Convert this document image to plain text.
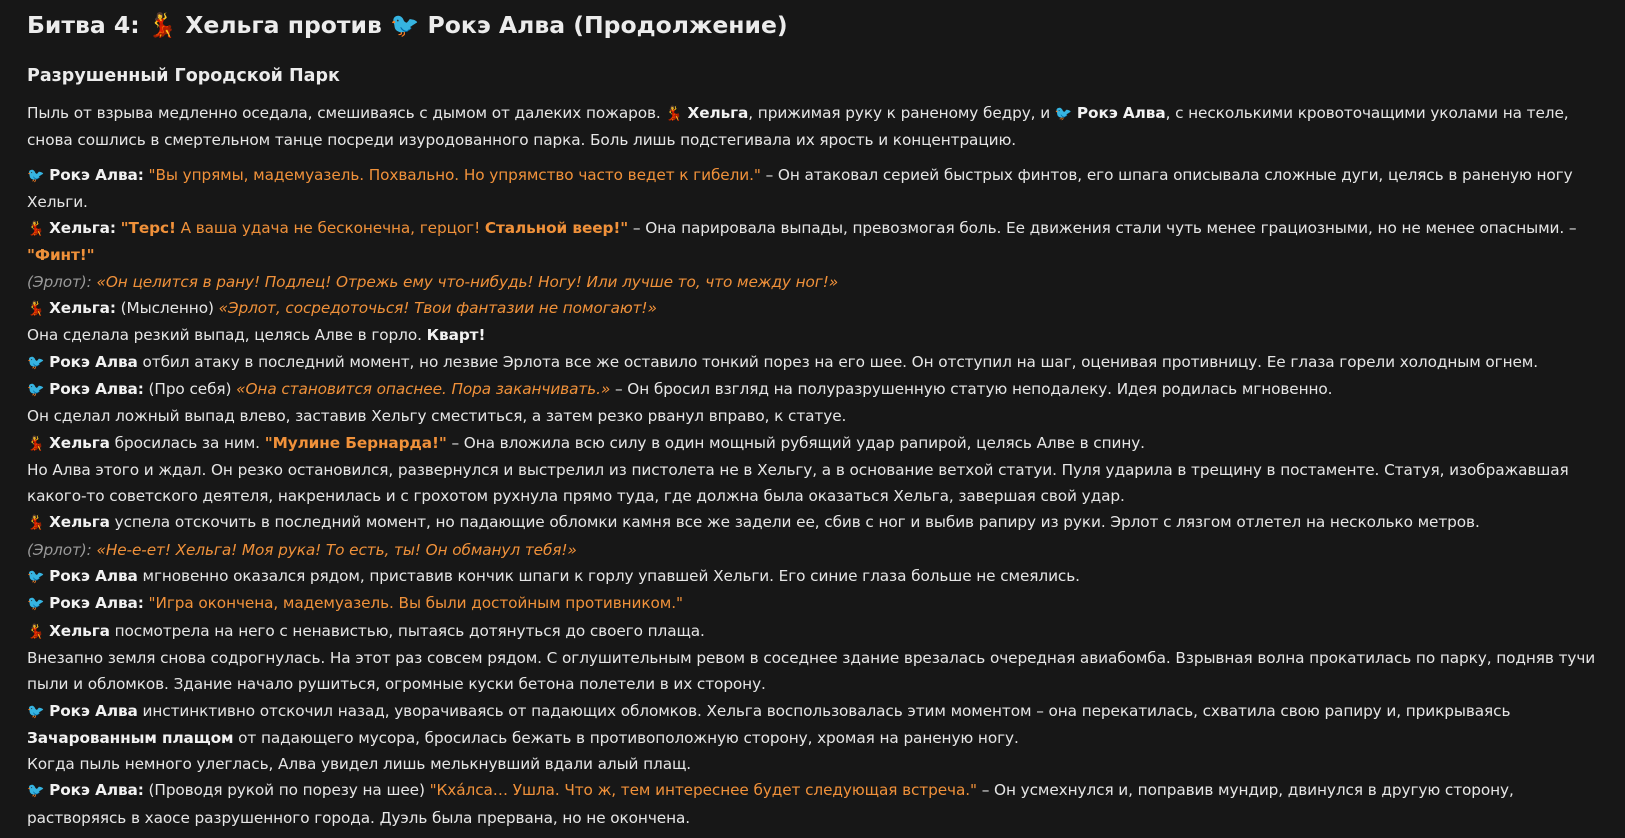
Битва 4: 💃 Хельга против 🐦 Рокэ Алва (Продолжение)
Разрушенный Городской Парк

Пыль от взрыва медленно оседала, смешиваясь с дымом от далеких пожаров. 💃 Хельга, прижимая руку к раненому бедру, и 🐦 Рокэ Алва, с несколькими кровоточащими уколами на теле, снова сошлись в смертельном танце посреди изуродованного парка. Боль лишь подстегивала их ярость и концентрацию.

🐦 Рокэ Алва: "Вы упрямы, мадемуазель. Похвально. Но упрямство часто ведет к гибели." – Он атаковал серией быстрых финтов, его шпага описывала сложные дуги, целясь в раненую ногу Хельги.

💃 Хельга: "Терс! А ваша удача не бесконечна, герцог! Стальной веер!" – Она парировала выпады, превозмогая боль. Ее движения стали чуть менее грациозными, но не менее опасными. – "Финт!"

(Эрлот): «Он целится в рану! Подлец! Отрежь ему что-нибудь! Ногу! Или лучше то, что между ног!»

💃 Хельга: (Мысленно) «Эрлот, сосредоточься! Твои фантазии не помогают!»

Она сделала резкий выпад, целясь Алве в горло. Кварт!

🐦 Рокэ Алва отбил атаку в последний момент, но лезвие Эрлота все же оставило тонкий порез на его шее. Он отступил на шаг, оценивая противницу. Ее глаза горели холодным огнем.

🐦 Рокэ Алва: (Про себя) «Она становится опаснее. Пора заканчивать.» – Он бросил взгляд на полуразрушенную статую неподалеку. Идея родилась мгновенно.

Он сделал ложный выпад влево, заставив Хельгу сместиться, а затем резко рванул вправо, к статуе.

💃 Хельга бросилась за ним. "Мулине Бернарда!" – Она вложила всю силу в один мощный рубящий удар рапирой, целясь Алве в спину.

Но Алва этого и ждал. Он резко остановился, развернулся и выстрелил из пистолета не в Хельгу, а в основание ветхой статуи. Пуля ударила в трещину в постаменте. Статуя, изображавшая какого-то советского деятеля, накренилась и с грохотом рухнула прямо туда, где должна была оказаться Хельга, завершая свой удар.

💃 Хельга успела отскочить в последний момент, но падающие обломки камня все же задели ее, сбив с ног и выбив рапиру из руки. Эрлот с лязгом отлетел на несколько метров.

(Эрлот): «Не-е-ет! Хельга! Моя рука! То есть, ты! Он обманул тебя!»

🐦 Рокэ Алва мгновенно оказался рядом, приставив кончик шпаги к горлу упавшей Хельги. Его синие глаза больше не смеялись.

🐦 Рокэ Алва: "Игра окончена, мадемуазель. Вы были достойным противником."

💃 Хельга посмотрела на него с ненавистью, пытаясь дотянуться до своего плаща.

Внезапно земля снова содрогнулась. На этот раз совсем рядом. С оглушительным ревом в соседнее здание врезалась очередная авиабомба. Взрывная волна прокатилась по парку, подняв тучи пыли и обломков. Здание начало рушиться, огромные куски бетона полетели в их сторону.

🐦 Рокэ Алва инстинктивно отскочил назад, уворачиваясь от падающих обломков. Хельга воспользовалась этим моментом – она перекатилась, схватила свою рапиру и, прикрываясь Зачарованным плащом от падающего мусора, бросилась бежать в противоположную сторону, хромая на раненую ногу.

Когда пыль немного улеглась, Алва увидел лишь мелькнувший вдали алый плащ.

🐦 Рокэ Алва: (Проводя рукой по порезу на шее) "Кха́лса… Ушла. Что ж, тем интереснее будет следующая встреча." – Он усмехнулся и, поправив мундир, двинулся в другую сторону, растворяясь в хаосе разрушенного города. Дуэль была прервана, но не окончена.
